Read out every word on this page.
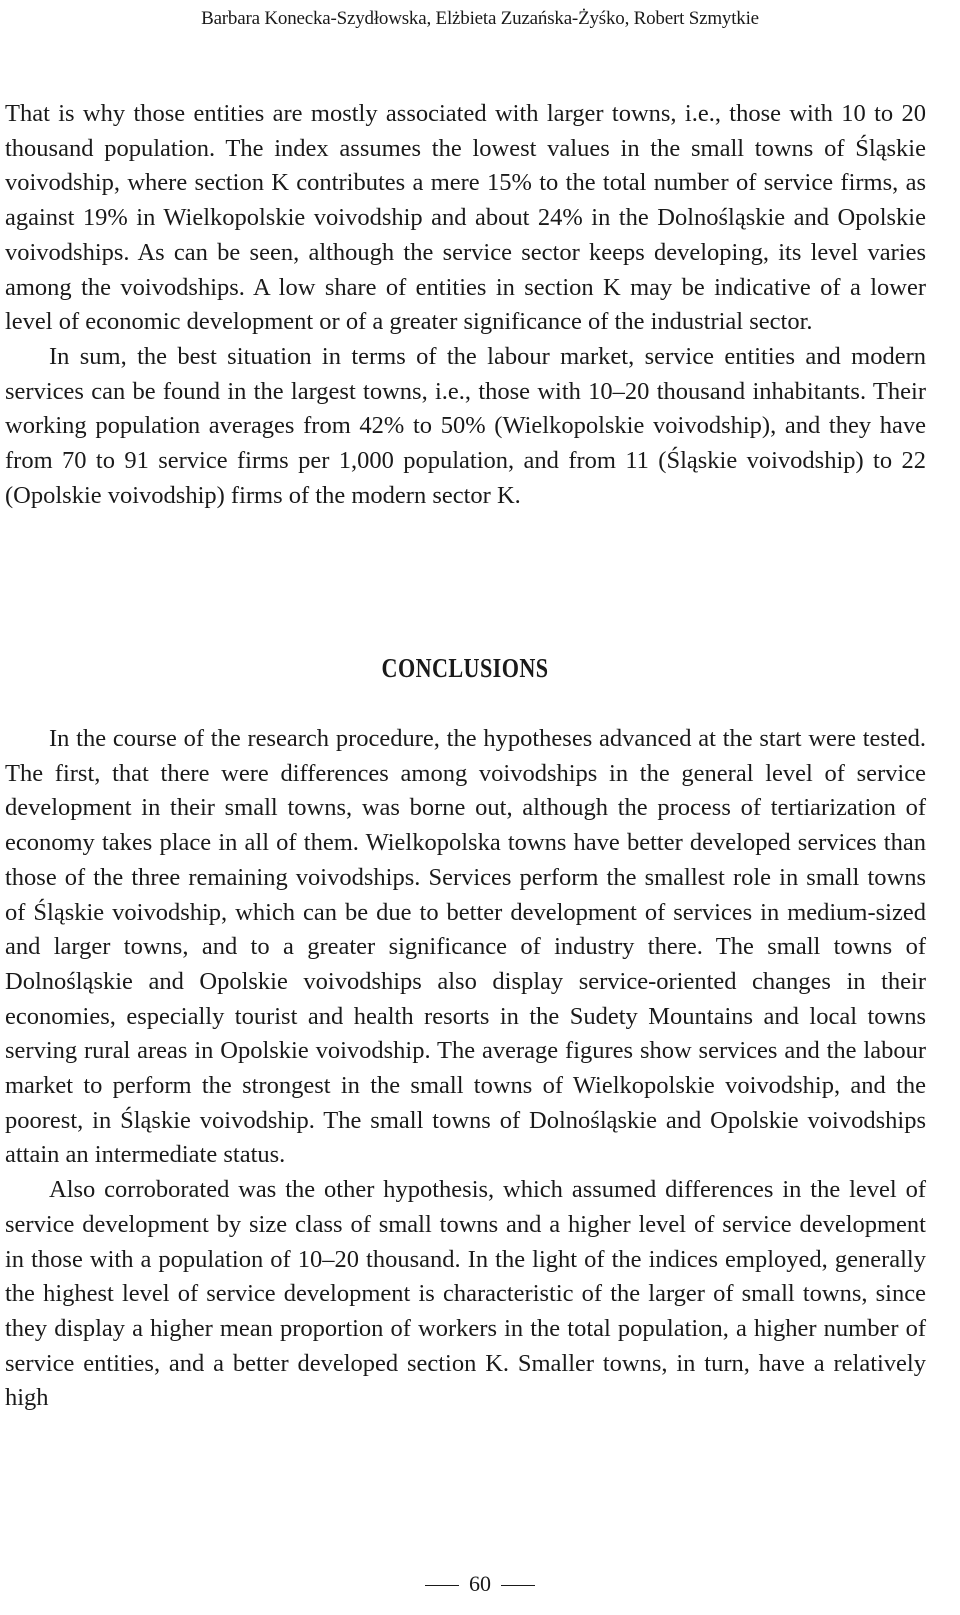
Barbara Konecka-Szydłowska, Elżbieta Zuzańska-Żyśko, Robert Szmytkie

That is why those entities are mostly associated with larger towns, i.e., those with 10 to 20 thousand population. The index assumes the lowest values in the small towns of Śląskie voivodship, where section K contributes a mere 15% to the total number of service firms, as against 19% in Wielkopolskie voivodship and about 24% in the Dolnośląskie and Opolskie voivodships. As can be seen, although the service sector keeps developing, its level varies among the voivodships. A low share of entities in section K may be indicative of a lower level of economic development or of a greater significance of the industrial sector.

In sum, the best situation in terms of the labour market, service entities and modern services can be found in the largest towns, i.e., those with 10–20 thousand inhabitants. Their working population averages from 42% to 50% (Wielkopolskie voivodship), and they have from 70 to 91 service firms per 1,000 population, and from 11 (Śląskie voivodship) to 22 (Opolskie voivodship) firms of the modern sector K.

CONCLUSIONS

In the course of the research procedure, the hypotheses advanced at the start were tested. The first, that there were differences among voivodships in the general level of service development in their small towns, was borne out, although the process of tertiarization of economy takes place in all of them. Wielkopolska towns have better developed services than those of the three remaining voivodships. Services perform the smallest role in small towns of Śląskie voivodship, which can be due to better development of services in medium-sized and larger towns, and to a greater significance of industry there. The small towns of Dolnośląskie and Opolskie voivodships also display service-oriented changes in their economies, especially tourist and health resorts in the Sudety Mountains and local towns serving rural areas in Opolskie voivodship. The average figures show services and the labour market to perform the strongest in the small towns of Wielkopolskie voivodship, and the poorest, in Śląskie voivodship. The small towns of Dolnośląskie and Opolskie voivodships attain an intermediate status.

Also corroborated was the other hypothesis, which assumed differences in the level of service development by size class of small towns and a higher level of service development in those with a population of 10–20 thousand. In the light of the indices employed, generally the highest level of service development is characteristic of the larger of small towns, since they display a higher mean proportion of workers in the total population, a higher number of service entities, and a better developed section K. Smaller towns, in turn, have a relatively high

60
